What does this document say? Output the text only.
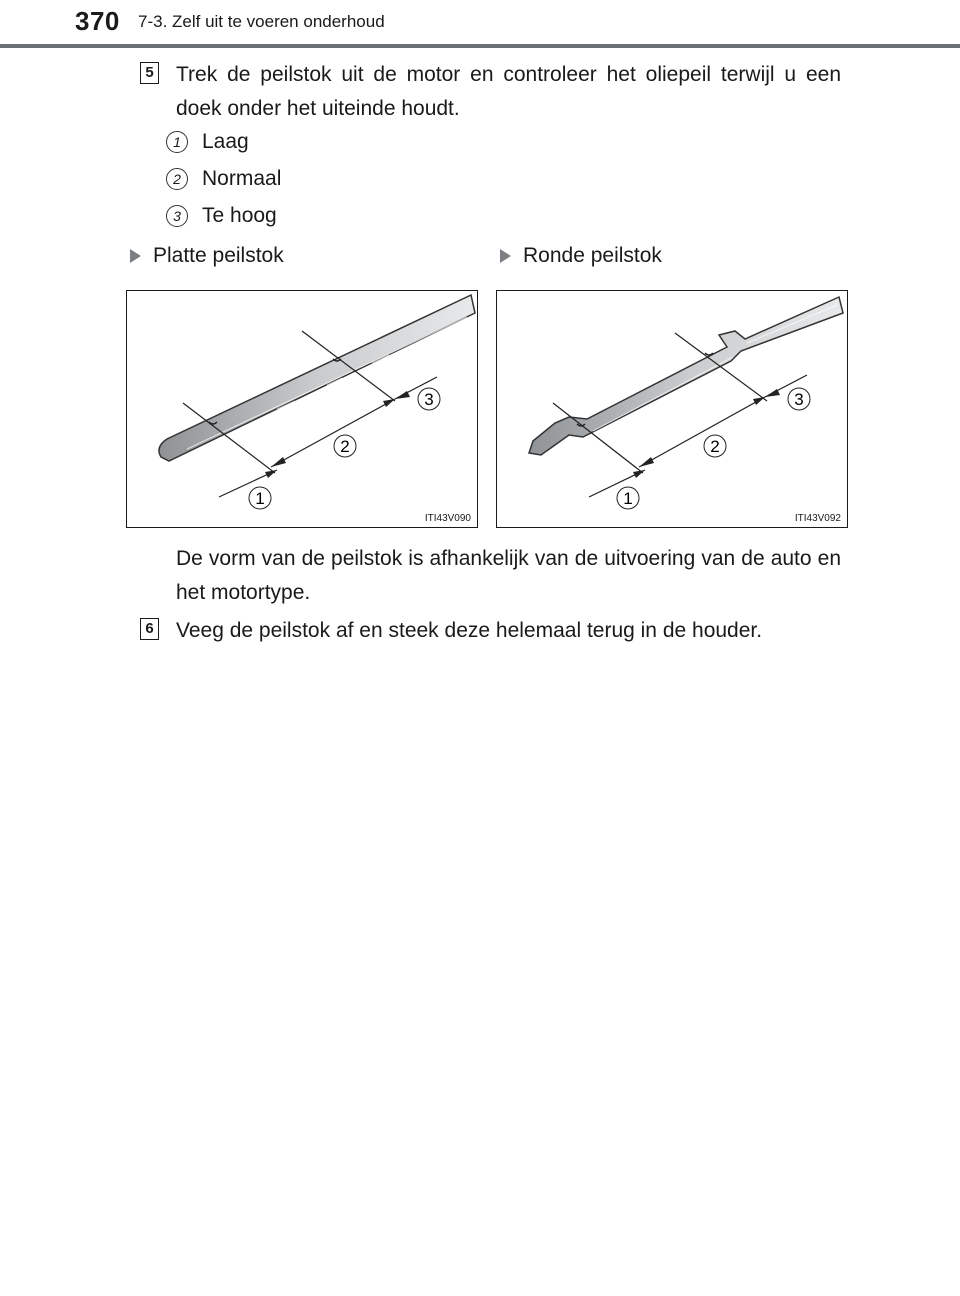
370 7-3. Zelf uit te voeren onderhoud
5 Trek de peilstok uit de motor en controleer het oliepeil terwijl u een doek onder het uiteinde houdt.
1	Laag
2	Normaal
3	Te hoog
Platte peilstok	Ronde peilstok
1
2
3
ITI43V090
1
2
3
ITI43V092
De vorm van de peilstok is afhankelijk van de uitvoering van de auto en het motortype.
6 Veeg de peilstok af en steek deze helemaal terug in de houder.
